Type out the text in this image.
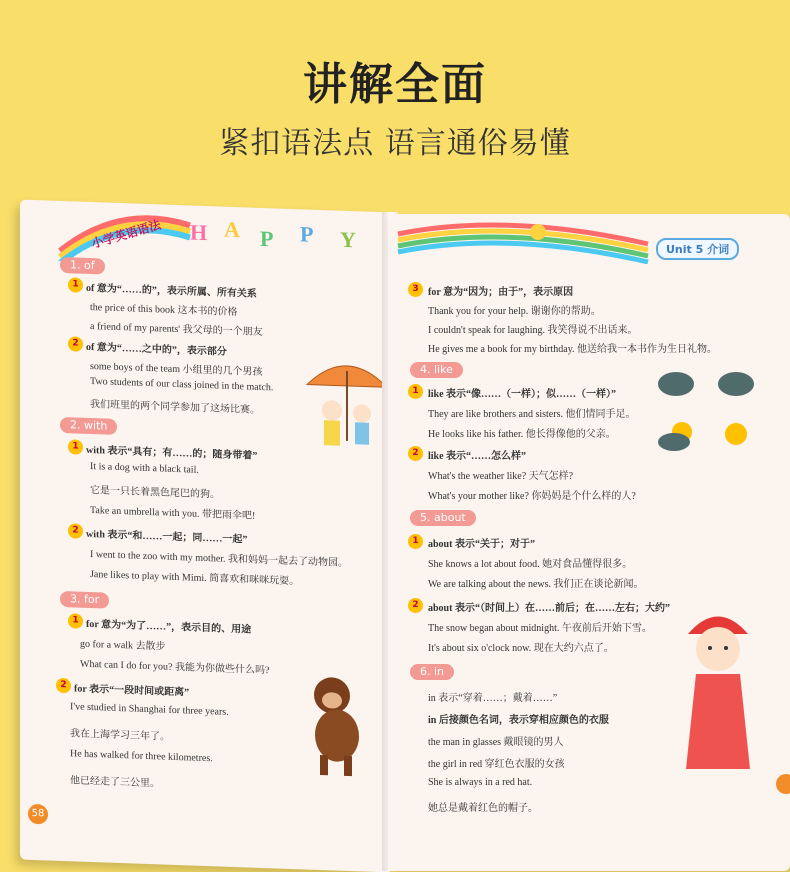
讲解全面
紧扣语法点 语言通俗易懂
小学英语语法 H A P P Y
1. of
1 of 意为“……的”，表示所属、所有关系
the price of this book 这本书的价格
a friend of my parents' 我父母的一个朋友
2 of 意为“……之中的”，表示部分
some boys of the team 小组里的几个男孩
Two students of our class joined in the match.
我们班里的两个同学参加了这场比赛。
2. with
1 with 表示“具有；有……的；随身带着”
It is a dog with a black tail.
它是一只长着黑色尾巴的狗。
Take an umbrella with you. 带把雨伞吧!
2 with 表示“和……一起；同……一起”
I went to the zoo with my mother. 我和妈妈一起去了动物园。
Jane likes to play with Mimi. 简喜欢和咪咪玩耍。
3. for
1 for 意为“为了……”，表示目的、用途
go for a walk 去散步
What can I do for you? 我能为你做些什么吗?
2 for 表示“一段时间或距离”
I've studied in Shanghai for three years.
我在上海学习三年了。
He has walked for three kilometres.
他已经走了三公里。
58
Unit 5 介词
3 for 意为“因为；由于”，表示原因
Thank you for your help. 谢谢你的帮助。
I couldn't speak for laughing. 我笑得说不出话来。
He gives me a book for my birthday. 他送给我一本书作为生日礼物。
4. like
1 like 表示“像……（一样）；似……（一样）”
They are like brothers and sisters. 他们情同手足。
He looks like his father. 他长得像他的父亲。
2 like 表示“……怎么样”
What's the weather like? 天气怎样?
What's your mother like? 你妈妈是个什么样的人?
5. about
1 about 表示“关于；对于”
She knows a lot about food. 她对食品懂得很多。
We are talking about the news. 我们正在谈论新闻。
2 about 表示“（时间上）在……前后；在……左右；大约”
The snow began about midnight. 午夜前后开始下雪。
It's about six o'clock now. 现在大约六点了。
6. in
in 表示“穿着……；戴着……”
in 后接颜色名词，表示穿相应颜色的衣服
the man in glasses 戴眼镜的男人
the girl in red 穿红色衣服的女孩
She is always in a red hat.
她总是戴着红色的帽子。
